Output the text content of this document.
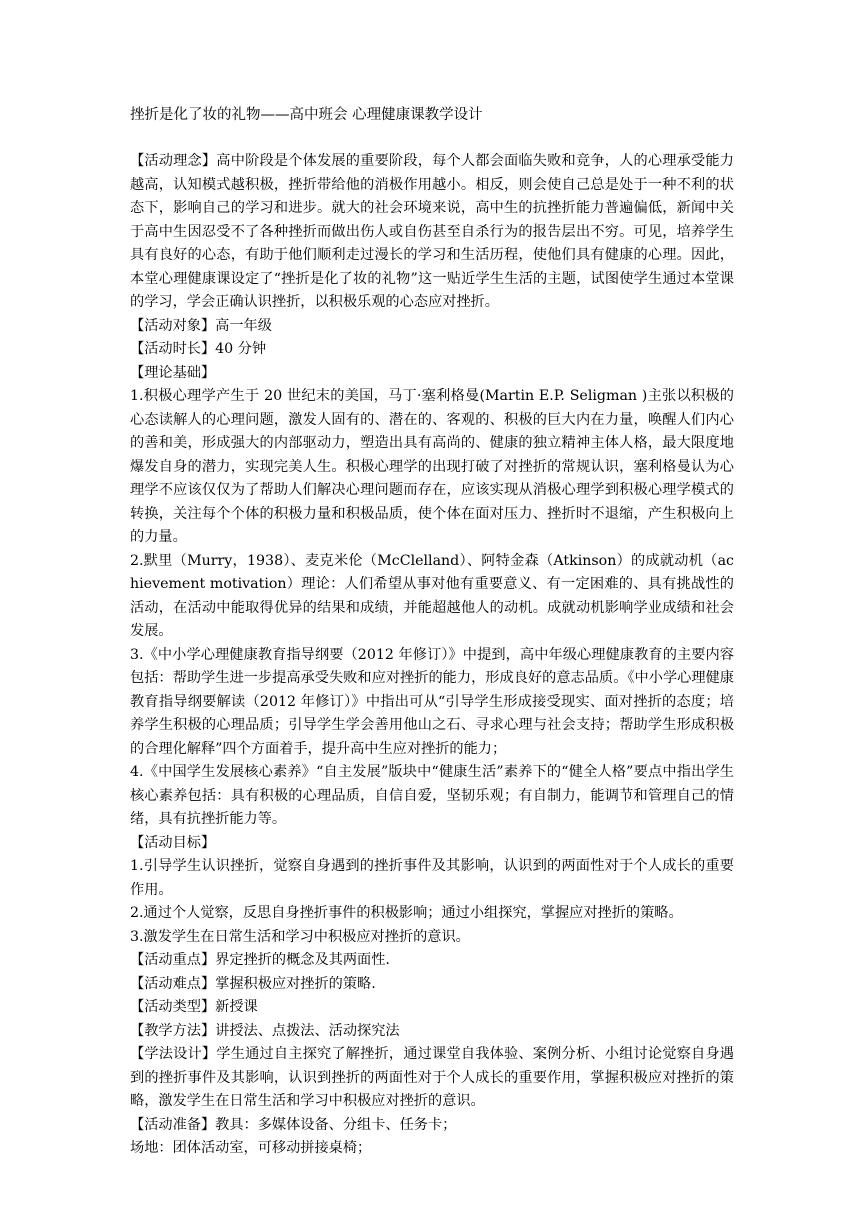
挫折是化了妆的礼物——高中班会 心理健康课教学设计

【活动理念】高中阶段是个体发展的重要阶段，每个人都会面临失败和竞争，人的心理承受能力越高，认知模式越积极，挫折带给他的消极作用越小。相反，则会使自己总是处于一种不利的状态下，影响自己的学习和进步。就大的社会环境来说，高中生的抗挫折能力普遍偏低，新闻中关于高中生因忍受不了各种挫折而做出伤人或自伤甚至自杀行为的报告层出不穷。可见，培养学生具有良好的心态，有助于他们顺利走过漫长的学习和生活历程，使他们具有健康的心理。因此，本堂心理健康课设定了“挫折是化了妆的礼物”这一贴近学生生活的主题，试图使学生通过本堂课的学习，学会正确认识挫折，以积极乐观的心态应对挫折。

【活动对象】高一年级

【活动时长】40 分钟

【理论基础】

1.积极心理学产生于 20 世纪末的美国，马丁·塞利格曼(Martin E.P. Seligman )主张以积极的心态读解人的心理问题，激发人固有的、潜在的、客观的、积极的巨大内在力量，唤醒人们内心的善和美，形成强大的内部驱动力，塑造出具有高尚的、健康的独立精神主体人格，最大限度地爆发自身的潜力，实现完美人生。积极心理学的出现打破了对挫折的常规认识，塞利格曼认为心理学不应该仅仅为了帮助人们解决心理问题而存在，应该实现从消极心理学到积极心理学模式的转换，关注每个个体的积极力量和积极品质，使个体在面对压力、挫折时不退缩，产生积极向上的力量。

2.默里（Murry，1938）、麦克米伦（McClelland）、阿特金森（Atkinson）的成就动机（achievement motivation）理论：人们希望从事对他有重要意义、有一定困难的、具有挑战性的活动，在活动中能取得优异的结果和成绩，并能超越他人的动机。成就动机影响学业成绩和社会发展。

3.《中小学心理健康教育指导纲要（2012 年修订）》中提到，高中年级心理健康教育的主要内容包括：帮助学生进一步提高承受失败和应对挫折的能力，形成良好的意志品质。《中小学心理健康教育指导纲要解读（2012 年修订）》中指出可从“引导学生形成接受现实、面对挫折的态度；培养学生积极的心理品质；引导学生学会善用他山之石、寻求心理与社会支持；帮助学生形成积极的合理化解释”四个方面着手，提升高中生应对挫折的能力；

4.《中国学生发展核心素养》“自主发展”版块中“健康生活”素养下的“健全人格”要点中指出学生核心素养包括：具有积极的心理品质，自信自爱，坚韧乐观；有自制力，能调节和管理自己的情绪，具有抗挫折能力等。

【活动目标】

1.引导学生认识挫折，觉察自身遇到的挫折事件及其影响，认识到的两面性对于个人成长的重要作用。

2.通过个人觉察，反思自身挫折事件的积极影响；通过小组探究，掌握应对挫折的策略。

3.激发学生在日常生活和学习中积极应对挫折的意识。

【活动重点】界定挫折的概念及其两面性.

【活动难点】掌握积极应对挫折的策略.

【活动类型】新授课

【教学方法】讲授法、点拨法、活动探究法

【学法设计】学生通过自主探究了解挫折，通过课堂自我体验、案例分析、小组讨论觉察自身遇到的挫折事件及其影响，认识到挫折的两面性对于个人成长的重要作用，掌握积极应对挫折的策略，激发学生在日常生活和学习中积极应对挫折的意识。

【活动准备】教具：多媒体设备、分组卡、任务卡；

场地：团体活动室，可移动拼接桌椅；
